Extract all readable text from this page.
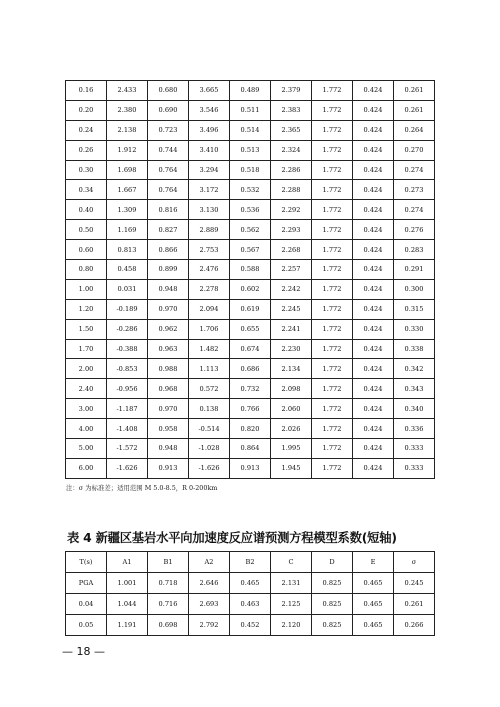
0.16	2.433	0.680	3.665	0.489	2.379	1.772	0.424	0.261
0.20	2.380	0.690	3.546	0.511	2.383	1.772	0.424	0.261
0.24	2.138	0.723	3.496	0.514	2.365	1.772	0.424	0.264
0.26	1.912	0.744	3.410	0.513	2.324	1.772	0.424	0.270
0.30	1.698	0.764	3.294	0.518	2.286	1.772	0.424	0.274
0.34	1.667	0.764	3.172	0.532	2.288	1.772	0.424	0.273
0.40	1.309	0.816	3.130	0.536	2.292	1.772	0.424	0.274
0.50	1.169	0.827	2.889	0.562	2.293	1.772	0.424	0.276
0.60	0.813	0.866	2.753	0.567	2.268	1.772	0.424	0.283
0.80	0.458	0.899	2.476	0.588	2.257	1.772	0.424	0.291
1.00	0.031	0.948	2.278	0.602	2.242	1.772	0.424	0.300
1.20	-0.189	0.970	2.094	0.619	2.245	1.772	0.424	0.315
1.50	-0.286	0.962	1.706	0.655	2.241	1.772	0.424	0.330
1.70	-0.388	0.963	1.482	0.674	2.230	1.772	0.424	0.338
2.00	-0.853	0.988	1.113	0.686	2.134	1.772	0.424	0.342
2.40	-0.956	0.968	0.572	0.732	2.098	1.772	0.424	0.343
3.00	-1.187	0.970	0.138	0.766	2.060	1.772	0.424	0.340
4.00	-1.408	0.958	-0.514	0.820	2.026	1.772	0.424	0.336
5.00	-1.572	0.948	-1.028	0.864	1.995	1.772	0.424	0.333
6.00	-1.626	0.913	-1.626	0.913	1.945	1.772	0.424	0.333
注：σ 为标准差；适用范围 M 5.0-8.5，R 0-200km
表 4 新疆区基岩水平向加速度反应谱预测方程模型系数(短轴)
T(s)	A1	B1	A2	B2	C	D	E	σ
PGA	1.001	0.718	2.646	0.465	2.131	0.825	0.465	0.245
0.04	1.044	0.716	2.693	0.463	2.125	0.825	0.465	0.261
0.05	1.191	0.698	2.792	0.452	2.120	0.825	0.465	0.266
— 18 —
